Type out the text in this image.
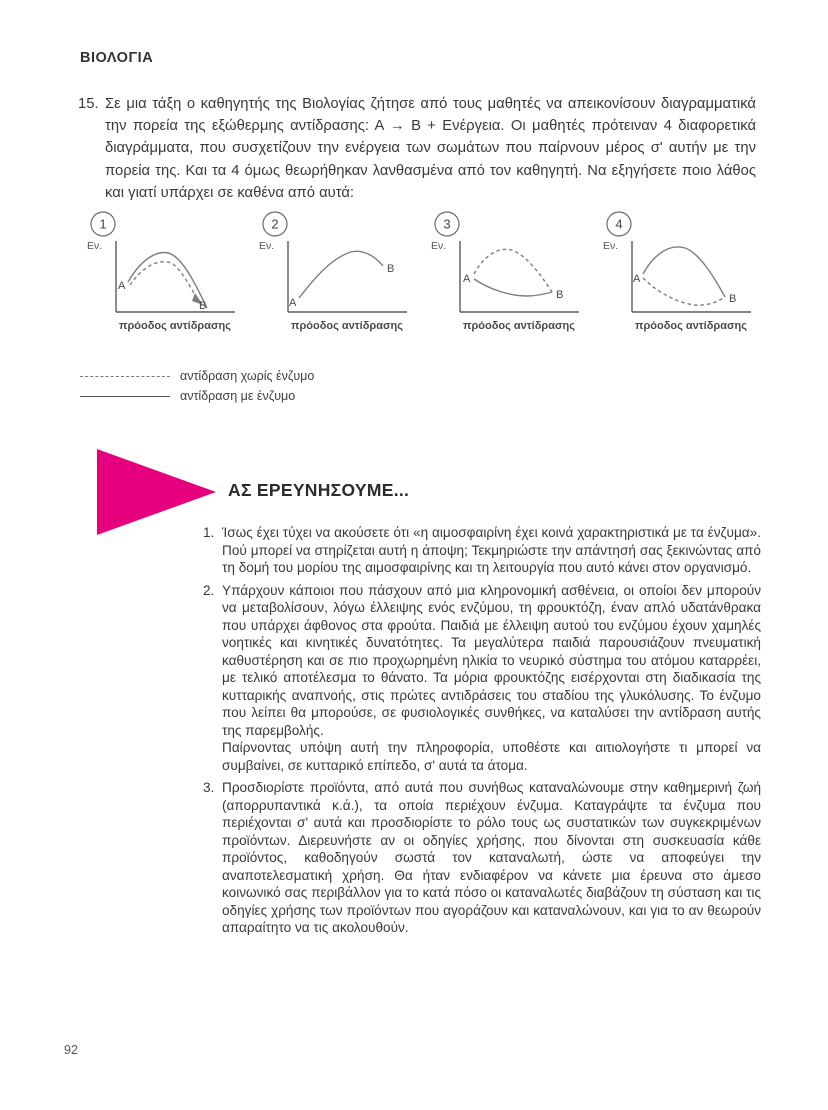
ΒΙΟΛΟΓΙΑ
15. Σε μια τάξη ο καθηγητής της Βιολογίας ζήτησε από τους μαθητές να απεικονίσουν διαγραμματικά την πορεία της εξώθερμης αντίδρασης: Α → Β + Ενέργεια. Οι μαθητές πρότειναν 4 διαφορετικά διαγράμματα, που συσχετίζουν την ενέργεια των σωμάτων που παίρνουν μέρος σ' αυτήν με την πορεία της. Και τα 4 όμως θεωρήθηκαν λανθασμένα από τον καθηγητή. Να εξηγήσετε ποιο λάθος και γιατί υπάρχει σε καθένα από αυτά:
1
Εν.
A
B
πρόοδος αντίδρασης
2
Εν.
A
B
πρόοδος αντίδρασης
3
Εν.
A
B
πρόοδος αντίδρασης
4
Εν.
A
B
πρόοδος αντίδρασης
αντίδραση χωρίς ένζυμο
αντίδραση με ένζυμο
ΑΣ ΕΡΕΥΝΗΣΟΥΜΕ...
1. Ίσως έχει τύχει να ακούσετε ότι «η αιμοσφαιρίνη έχει κοινά χαρακτηριστικά με τα ένζυμα». Πού μπορεί να στηρίζεται αυτή η άποψη; Τεκμηριώστε την απάντησή σας ξεκινώντας από τη δομή του μορίου της αιμοσφαιρίνης και τη λειτουργία που αυτό κάνει στον οργανισμό.

2. Υπάρχουν κάποιοι που πάσχουν από μια κληρονομική ασθένεια, οι οποίοι δεν μπορούν να μεταβολίσουν, λόγω έλλειψης ενός ενζύμου, τη φρουκτόζη, έναν απλό υδατάνθρακα που υπάρχει άφθονος στα φρούτα. Παιδιά με έλλειψη αυτού του ενζύμου έχουν χαμηλές νοητικές και κινητικές δυνατότητες. Τα μεγαλύτερα παιδιά παρουσιάζουν πνευματική καθυστέρηση και σε πιο προχωρημένη ηλικία το νευρικό σύστημα του ατόμου καταρρέει, με τελικό αποτέλεσμα το θάνατο. Τα μόρια φρουκτόζης εισέρχονται στη διαδικασία της κυτταρικής αναπνοής, στις πρώτες αντιδράσεις του σταδίου της γλυκόλυσης. Το ένζυμο που λείπει θα μπορούσε, σε φυσιολογικές συνθήκες, να καταλύσει την αντίδραση αυτής της παρεμβολής.

Παίρνοντας υπόψη αυτή την πληροφορία, υποθέστε και αιτιολογήστε τι μπορεί να συμβαίνει, σε κυτταρικό επίπεδο, σ' αυτά τα άτομα.

3. Προσδιορίστε προϊόντα, από αυτά που συνήθως καταναλώνουμε στην καθημερινή ζωή (απορρυπαντικά κ.ά.), τα οποία περιέχουν ένζυμα. Καταγράψτε τα ένζυμα που περιέχονται σ' αυτά και προσδιορίστε το ρόλο τους ως συστατικών των συγκεκριμένων προϊόντων. Διερευνήστε αν οι οδηγίες χρήσης, που δίνονται στη συσκευασία κάθε προϊόντος, καθοδηγούν σωστά τον καταναλωτή, ώστε να αποφεύγει την αναποτελεσματική χρήση. Θα ήταν ενδιαφέρον να κάνετε μια έρευνα στο άμεσο κοινωνικό σας περιβάλλον για το κατά πόσο οι καταναλωτές διαβάζουν τη σύσταση και τις οδηγίες χρήσης των προϊόντων που αγοράζουν και καταναλώνουν, και για το αν θεωρούν απαραίτητο να τις ακολουθούν.

92
